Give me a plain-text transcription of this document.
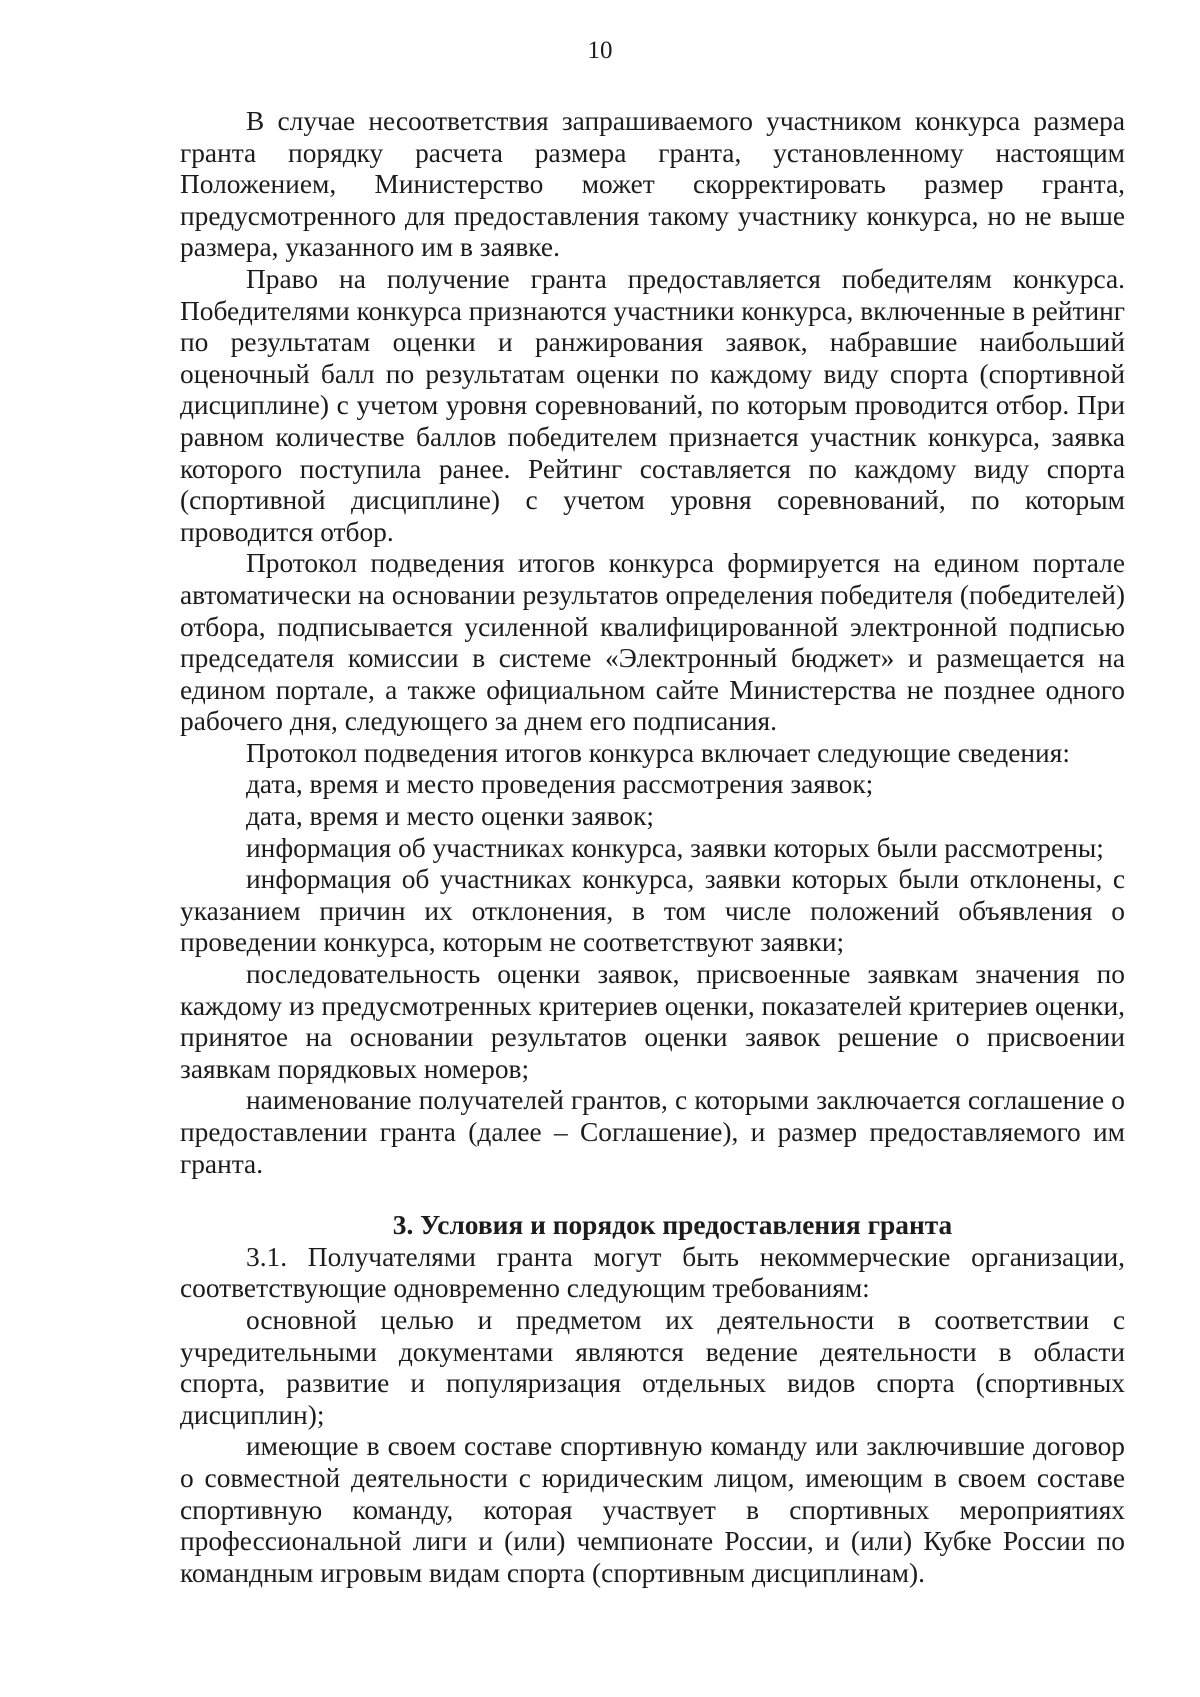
10

В случае несоответствия запрашиваемого участником конкурса размера гранта порядку расчета размера гранта, установленному настоящим Положением, Министерство может скорректировать размер гранта, предусмотренного для предоставления такому участнику конкурса, но не выше размера, указанного им в заявке.

Право на получение гранта предоставляется победителям конкурса. Победителями конкурса признаются участники конкурса, включенные в рейтинг по результатам оценки и ранжирования заявок, набравшие наибольший оценочный балл по результатам оценки по каждому виду спорта (спортивной дисциплине) с учетом уровня соревнований, по которым проводится отбор. При равном количестве баллов победителем признается участник конкурса, заявка которого поступила ранее. Рейтинг составляется по каждому виду спорта (спортивной дисциплине) с учетом уровня соревнований, по которым проводится отбор.

Протокол подведения итогов конкурса формируется на едином портале автоматически на основании результатов определения победителя (победителей) отбора, подписывается усиленной квалифицированной электронной подписью председателя комиссии в системе «Электронный бюджет» и размещается на едином портале, а также официальном сайте Министерства не позднее одного рабочего дня, следующего за днем его подписания.

Протокол подведения итогов конкурса включает следующие сведения:

дата, время и место проведения рассмотрения заявок;

дата, время и место оценки заявок;

информация об участниках конкурса, заявки которых были рассмотрены;

информация об участниках конкурса, заявки которых были отклонены, с указанием причин их отклонения, в том числе положений объявления о проведении конкурса, которым не соответствуют заявки;

последовательность оценки заявок, присвоенные заявкам значения по каждому из предусмотренных критериев оценки, показателей критериев оценки, принятое на основании результатов оценки заявок решение о присвоении заявкам порядковых номеров;

наименование получателей грантов, с которыми заключается соглашение о предоставлении гранта (далее – Соглашение), и размер предоставляемого им гранта.

3. Условия и порядок предоставления гранта

3.1. Получателями гранта могут быть некоммерческие организации, соответствующие одновременно следующим требованиям:

основной целью и предметом их деятельности в соответствии с учредительными документами являются ведение деятельности в области спорта, развитие и популяризация отдельных видов спорта (спортивных дисциплин);

имеющие в своем составе спортивную команду или заключившие договор о совместной деятельности с юридическим лицом, имеющим в своем составе спортивную команду, которая участвует в спортивных мероприятиях профессиональной лиги и (или) чемпионате России, и (или) Кубке России по командным игровым видам спорта (спортивным дисциплинам).
